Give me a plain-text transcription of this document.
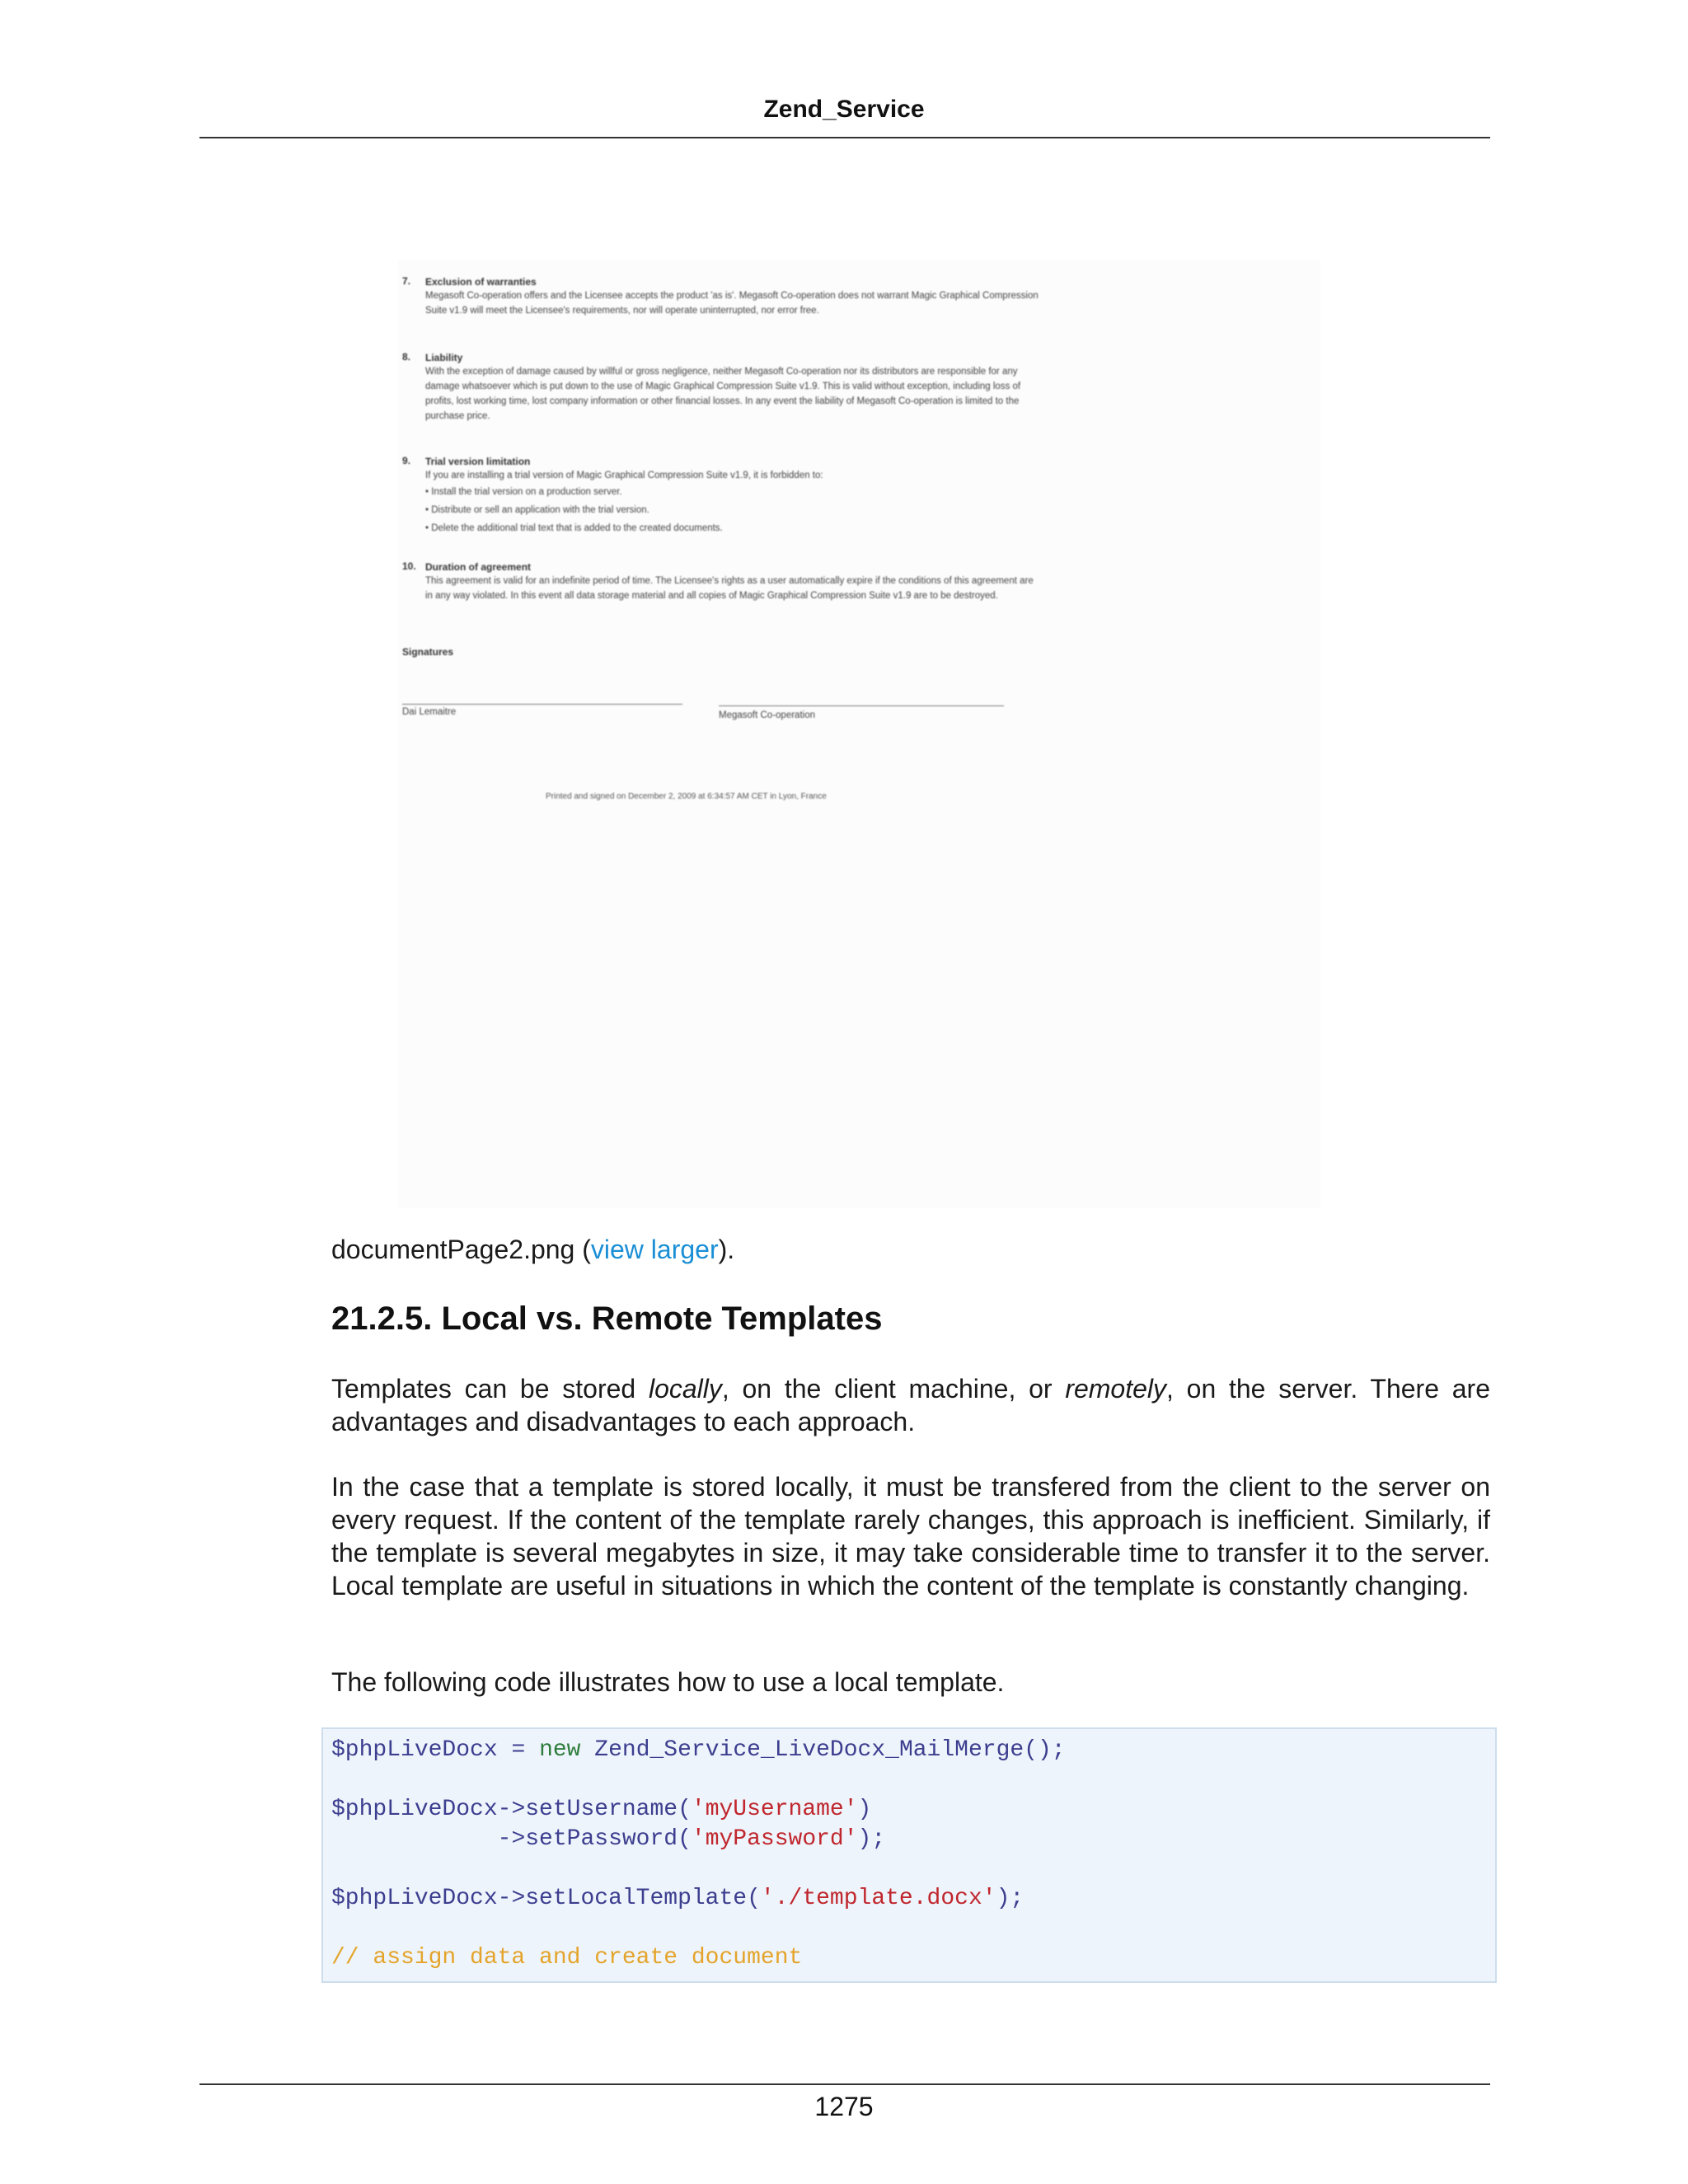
Zend_Service
7. Exclusion of warranties
Megasoft Co-operation offers and the Licensee accepts the product 'as is'. Megasoft Co-operation does not warrant Magic Graphical Compression Suite v1.9 will meet the Licensee's requirements, nor will operate uninterrupted, nor error free.
8. Liability
With the exception of damage caused by willful or gross negligence, neither Megasoft Co-operation nor its distributors are responsible for any damage whatsoever which is put down to the use of Magic Graphical Compression Suite v1.9. This is valid without exception, including loss of profits, lost working time, lost company information or other financial losses. In any event the liability of Megasoft Co-operation is limited to the purchase price.
9. Trial version limitation
If you are installing a trial version of Magic Graphical Compression Suite v1.9, it is forbidden to:
• Install the trial version on a production server.
• Distribute or sell an application with the trial version.
• Delete the additional trial text that is added to the created documents.
10. Duration of agreement
This agreement is valid for an indefinite period of time. The Licensee's rights as a user automatically expire if the conditions of this agreement are in any way violated. In this event all data storage material and all copies of Magic Graphical Compression Suite v1.9 are to be destroyed.
Signatures
Dai Lemaitre	Megasoft Co-operation
Printed and signed on December 2, 2009 at 6:34:57 AM CET in Lyon, France
documentPage2.png (view larger).
21.2.5. Local vs. Remote Templates
Templates can be stored locally, on the client machine, or remotely, on the server. There are advantages and disadvantages to each approach.
In the case that a template is stored locally, it must be transfered from the client to the server on every request. If the content of the template rarely changes, this approach is inefficient. Similarly, if the template is several megabytes in size, it may take considerable time to transfer it to the server. Local template are useful in situations in which the content of the template is constantly changing.
The following code illustrates how to use a local template.
$phpLiveDocx = new Zend_Service_LiveDocx_MailMerge();

$phpLiveDocx->setUsername('myUsername')
->setPassword('myPassword');

$phpLiveDocx->setLocalTemplate('./template.docx');

// assign data and create document
1275
